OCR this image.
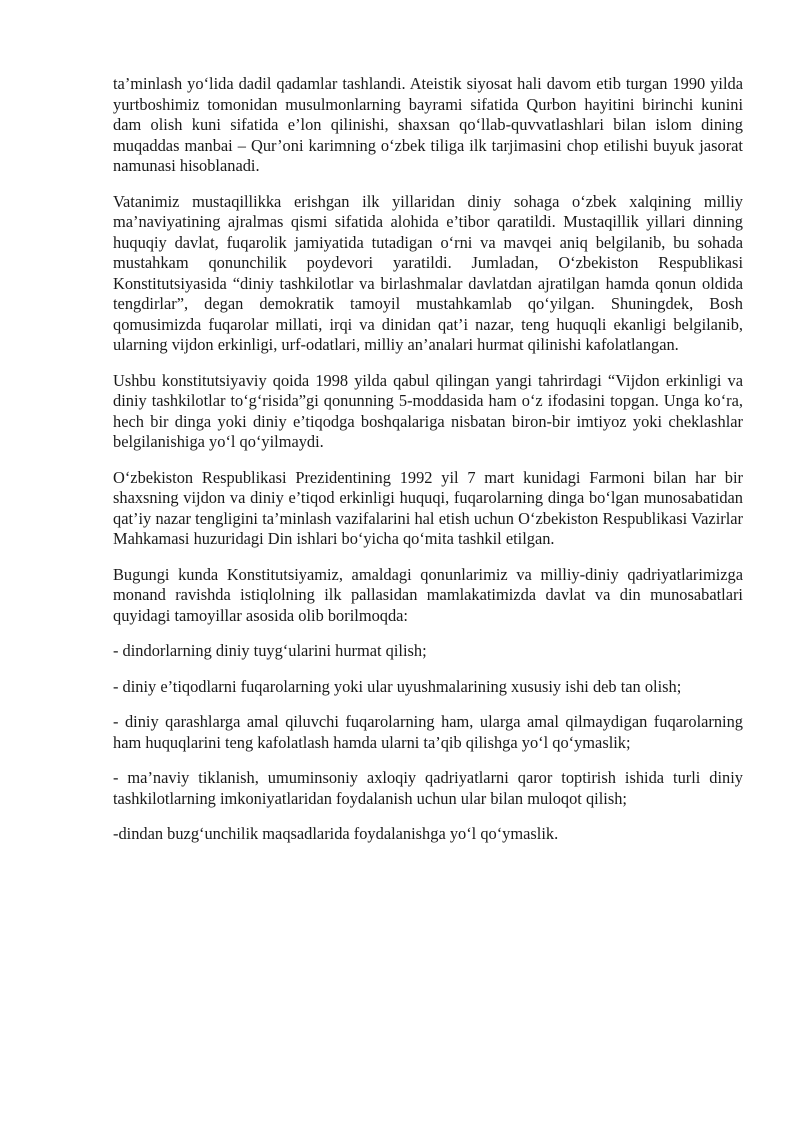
ta’minlash yo‘lida dadil qadamlar tashlandi. Ateistik siyosat hali davom etib turgan 1990 yilda yurtboshimiz tomonidan musulmonlarning bayrami sifatida Qurbon hayitini birinchi kunini dam olish kuni sifatida e’lon qilinishi, shaxsan qo‘llab-quvvatlashlari bilan islom dining muqaddas manbai – Qur’oni karimning o‘zbek tiliga ilk tarjimasini chop etilishi buyuk jasorat namunasi hisoblanadi.

Vatanimiz mustaqillikka erishgan ilk yillaridan diniy sohaga o‘zbek xalqining milliy ma’naviyatining ajralmas qismi sifatida alohida e’tibor qaratildi. Mustaqillik yillari dinning huquqiy davlat, fuqarolik jamiyatida tutadigan o‘rni va mavqei aniq belgilanib, bu sohada mustahkam qonunchilik poydevori yaratildi. Jumladan, O‘zbekiston Respublikasi Konstitutsiyasida “diniy tashkilotlar va birlashmalar davlatdan ajratilgan hamda qonun oldida tengdirlar”, degan demokratik tamoyil mustahkamlab qo‘yilgan. Shuningdek, Bosh qomusimizda fuqarolar millati, irqi va dinidan qat’i nazar, teng huquqli ekanligi belgilanib, ularning vijdon erkinligi, urf-odatlari, milliy an’analari hurmat qilinishi kafolatlangan.

Ushbu konstitutsiyaviy qoida 1998 yilda qabul qilingan yangi tahrirdagi “Vijdon erkinligi va diniy tashkilotlar to‘g‘risida”gi qonunning 5-moddasida ham o‘z ifodasini topgan. Unga ko‘ra, hech bir dinga yoki diniy e’tiqodga boshqalariga nisbatan biron-bir imtiyoz yoki cheklashlar belgilanishiga yo‘l qo‘yilmaydi.

O‘zbekiston Respublikasi Prezidentining 1992 yil 7 mart kunidagi Farmoni bilan har bir shaxsning vijdon va diniy e’tiqod erkinligi huquqi, fuqarolarning dinga bo‘lgan munosabatidan qat’iy nazar tengligini ta’minlash vazifalarini hal etish uchun O‘zbekiston Respublikasi Vazirlar Mahkamasi huzuridagi Din ishlari bo‘yicha qo‘mita tashkil etilgan.

Bugungi kunda Konstitutsiyamiz, amaldagi qonunlarimiz va milliy-diniy qadriyatlarimizga monand ravishda istiqlolning ilk pallasidan mamlakatimizda davlat va din munosabatlari quyidagi tamoyillar asosida olib borilmoqda:

- dindorlarning diniy tuyg‘ularini hurmat qilish;

- diniy e’tiqodlarni fuqarolarning yoki ular uyushmalarining xususiy ishi deb tan olish;

- diniy qarashlarga amal qiluvchi fuqarolarning ham, ularga amal qilmaydigan fuqarolarning ham huquqlarini teng kafolatlash hamda ularni ta’qib qilishga yo‘l qo‘ymaslik;

- ma’naviy tiklanish, umuminsoniy axloqiy qadriyatlarni qaror toptirish ishida turli diniy tashkilotlarning imkoniyatlaridan foydalanish uchun ular bilan muloqot qilish;

-dindan buzg‘unchilik maqsadlarida foydalanishga yo‘l qo‘ymaslik.
